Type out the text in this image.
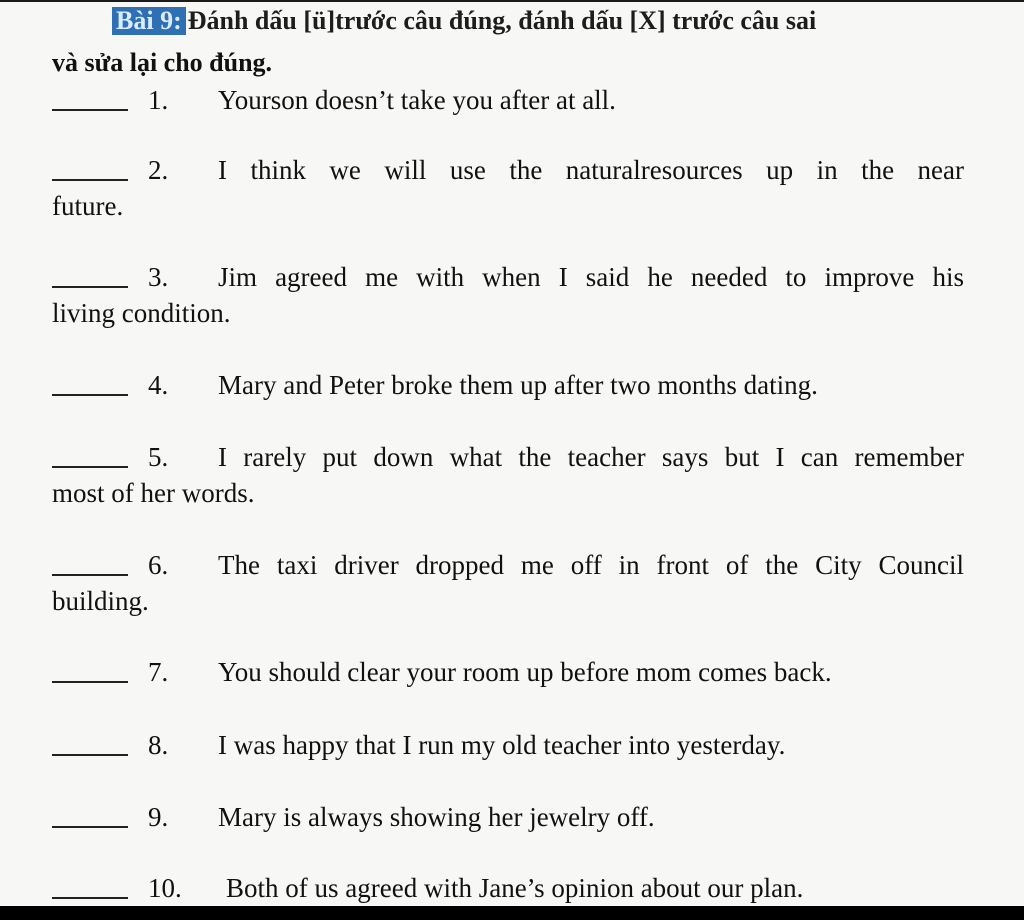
Bài 9: Đánh dấu [ü]trước câu đúng, đánh dấu [X] trước câu sai
và sửa lại cho đúng.
1. Yourson doesn’t take you after at all.
2. I think we will use the naturalresources up in the near
future.
3. Jim agreed me with when I said he needed to improve his
living condition.
4. Mary and Peter broke them up after two months dating.
5. I rarely put down what the teacher says but I can remember
most of her words.
6. The taxi driver dropped me off in front of the City Council
building.
7. You should clear your room up before mom comes back.
8. I was happy that I run my old teacher into yesterday.
9. Mary is always showing her jewelry off.
10. Both of us agreed with Jane’s opinion about our plan.
